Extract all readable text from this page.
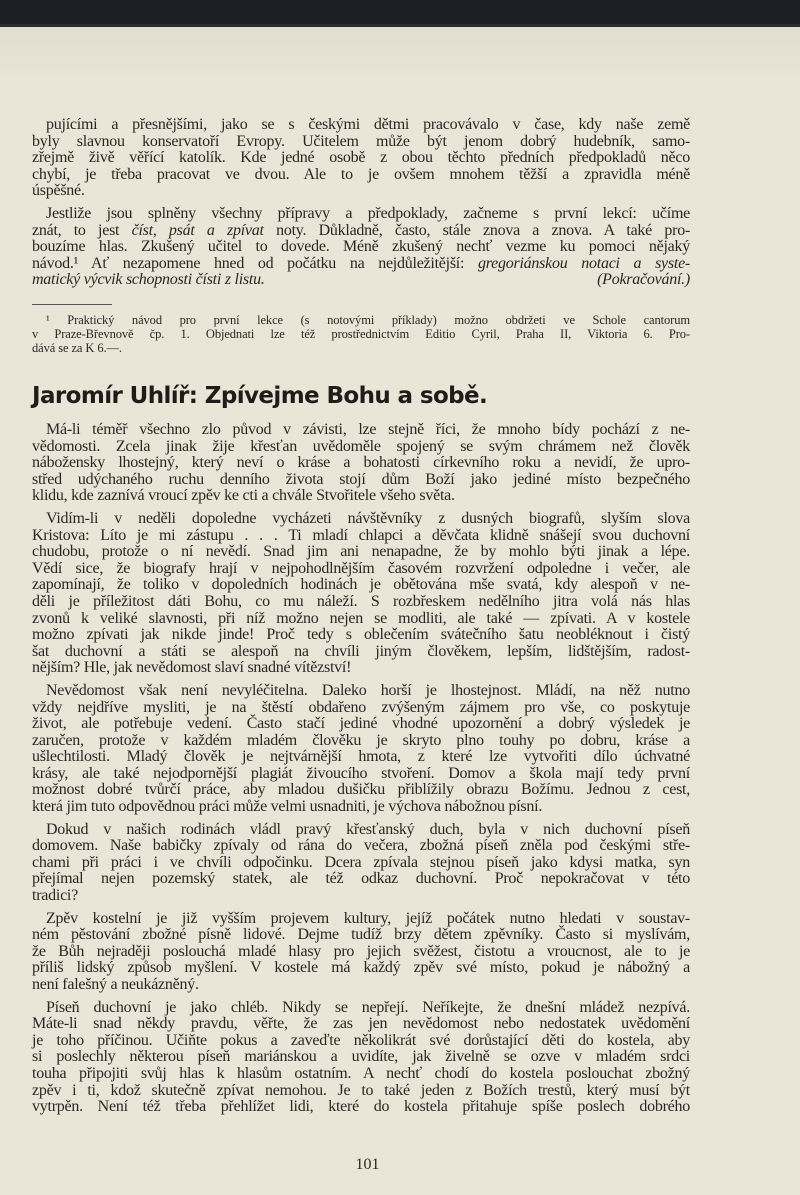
pujícími a přesnějšími, jako se s českými dětmi pracovávalo v čase, kdy naše země
byly slavnou konservatoří Evropy. Učitelem může být jenom dobrý hudebník, samo-
zřejmě živě věřící katolík. Kde jedné osobě z obou těchto předních předpokladů něco
chybí, je třeba pracovat ve dvou. Ale to je ovšem mnohem těžší a zpravidla méně
úspěšné.
Jestliže jsou splněny všechny přípravy a předpoklady, začneme s první lekcí: učíme
znát, to jest číst, psát a zpívat noty. Důkladně, často, stále znova a znova. A také pro-
bouzíme hlas. Zkušený učitel to dovede. Méně zkušený nechť vezme ku pomoci nějaký
návod.¹ Ať nezapomene hned od počátku na nejdůležitější: gregoriánskou notaci a syste-
matický výcvik schopnosti čísti z listu.	(Pokračování.)
¹ Praktický návod pro první lekce (s notovými příklady) možno obdržeti ve Schole cantorum
v Praze-Břevnově čp. 1. Objednati lze též prostřednictvím Editio Cyril, Praha II, Viktoria 6. Pro-
dává se za K 6.—.
Jaromír Uhlíř: Zpívejme Bohu a sobě.
Má-li téměř všechno zlo původ v závisti, lze stejně říci, že mnoho bídy pochází z ne-
vědomosti. Zcela jinak žije křesťan uvědoměle spojený se svým chrámem než člověk
nábožensky lhostejný, který neví o kráse a bohatosti církevního roku a nevidí, že upro-
střed udýchaného ruchu denního života stojí dům Boží jako jediné místo bezpečného
klidu, kde zaznívá vroucí zpěv ke cti a chvále Stvořitele všeho světa.
Vidím-li v neděli dopoledne vycházeti návštěvníky z dusných biografů, slyším slova
Kristova: Líto je mi zástupu . . . Ti mladí chlapci a děvčata klidně snášejí svou duchovní
chudobu, protože o ní nevědí. Snad jim ani nenapadne, že by mohlo býti jinak a lépe.
Vědí sice, že biografy hrají v nejpohodlnějším časovém rozvržení odpoledne i večer, ale
zapomínají, že toliko v dopoledních hodinách je obětována mše svatá, kdy alespoň v ne-
děli je příležitost dáti Bohu, co mu náleží. S rozbřeskem nedělního jitra volá nás hlas
zvonů k veliké slavnosti, při níž možno nejen se modliti, ale také — zpívati. A v kostele
možno zpívati jak nikde jinde! Proč tedy s oblečením svátečního šatu neobléknout i čistý
šat duchovní a státi se alespoň na chvíli jiným člověkem, lepším, lidštějším, radost-
nějším? Hle, jak nevědomost slaví snadné vítězství!
Nevědomost však není nevyléčitelna. Daleko horší je lhostejnost. Mládí, na něž nutno
vždy nejdříve mysliti, je na štěstí obdařeno zvýšeným zájmem pro vše, co poskytuje
život, ale potřebuje vedení. Často stačí jediné vhodné upozornění a dobrý výsledek je
zaručen, protože v každém mladém člověku je skryto plno touhy po dobru, kráse a
ušlechtilosti. Mladý člověk je nejtvárnější hmota, z které lze vytvořiti dílo úchvatné
krásy, ale také nejodpornější plagiát živoucího stvoření. Domov a škola mají tedy první
možnost dobré tvůrčí práce, aby mladou dušičku přiblížily obrazu Božímu. Jednou z cest,
která jim tuto odpovědnou práci může velmi usnadniti, je výchova nábožnou písní.
Dokud v našich rodinách vládl pravý křesťanský duch, byla v nich duchovní píseň
domovem. Naše babičky zpívaly od rána do večera, zbožná píseň zněla pod českými stře-
chami při práci i ve chvíli odpočinku. Dcera zpívala stejnou píseň jako kdysi matka, syn
přejímal nejen pozemský statek, ale též odkaz duchovní. Proč nepokračovat v této
tradici?
Zpěv kostelní je již vyšším projevem kultury, jejíž počátek nutno hledati v soustav-
ném pěstování zbožné písně lidové. Dejme tudíž brzy dětem zpěvníky. Často si myslívám,
že Bůh nejraději poslouchá mladé hlasy pro jejich svěžest, čistotu a vroucnost, ale to je
příliš lidský způsob myšlení. V kostele má každý zpěv své místo, pokud je nábožný a
není falešný a neukázněný.
Píseň duchovní je jako chléb. Nikdy se nepřejí. Neříkejte, že dnešní mládež nezpívá.
Máte-li snad někdy pravdu, věřte, že zas jen nevědomost nebo nedostatek uvědomění
je toho příčinou. Učiňte pokus a zaveďte několikrát své dorůstající děti do kostela, aby
si poslechly některou píseň mariánskou a uvidíte, jak živelně se ozve v mladém srdci
touha připojiti svůj hlas k hlasům ostatním. A nechť chodí do kostela poslouchat zbožný
zpěv i ti, kdož skutečně zpívat nemohou. Je to také jeden z Božích trestů, který musí být
vytrpěn. Není též třeba přehlížet lidi, které do kostela přitahuje spíše poslech dobrého
101
